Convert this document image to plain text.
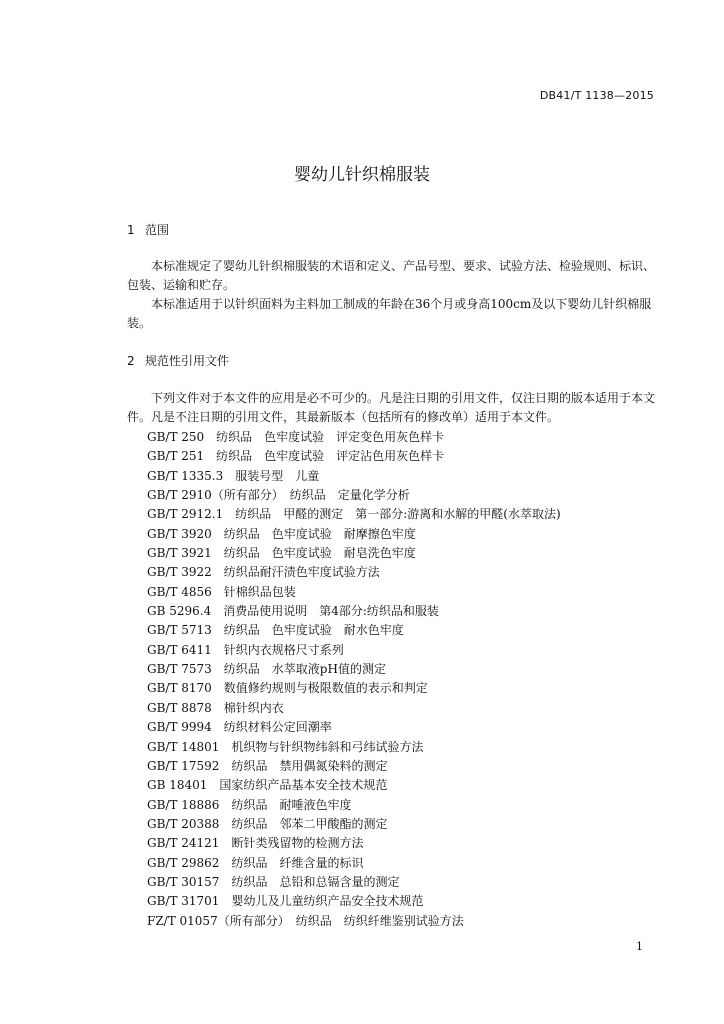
DB41/T 1138—2015
婴幼儿针织棉服装
1 范围

本标准规定了婴幼儿针织棉服装的术语和定义、产品号型、要求、试验方法、检验规则、标识、包装、运输和贮存。

本标准适用于以针织面料为主料加工制成的年龄在36个月或身高100cm及以下婴幼儿针织棉服装。

2 规范性引用文件

下列文件对于本文件的应用是必不可少的。凡是注日期的引用文件，仅注日期的版本适用于本文件。凡是不注日期的引用文件，其最新版本（包括所有的修改单）适用于本文件。

GB/T 250　纺织品　色牢度试验　评定变色用灰色样卡
GB/T 251　纺织品　色牢度试验　评定沾色用灰色样卡
GB/T 1335.3　服装号型　儿童
GB/T 2910（所有部分）　纺织品　定量化学分析
GB/T 2912.1　纺织品　甲醛的测定　第一部分:游离和水解的甲醛(水萃取法)
GB/T 3920　纺织品　色牢度试验　耐摩擦色牢度
GB/T 3921　纺织品　色牢度试验　耐皂洗色牢度
GB/T 3922　纺织品耐汗渍色牢度试验方法
GB/T 4856　针棉织品包装
GB 5296.4　消费品使用说明　第4部分:纺织品和服装
GB/T 5713　纺织品　色牢度试验　耐水色牢度
GB/T 6411　针织内衣规格尺寸系列
GB/T 7573　纺织品　水萃取液pH值的测定
GB/T 8170　数值修约规则与极限数值的表示和判定
GB/T 8878　棉针织内衣
GB/T 9994　纺织材料公定回潮率
GB/T 14801　机织物与针织物纬斜和弓纬试验方法
GB/T 17592　纺织品　禁用偶氮染料的测定
GB 18401　国家纺织产品基本安全技术规范
GB/T 18886　纺织品　耐唾液色牢度
GB/T 20388　纺织品　邻苯二甲酸酯的测定
GB/T 24121　断针类残留物的检测方法
GB/T 29862　纺织品　纤维含量的标识
GB/T 30157　纺织品　总铅和总镉含量的测定
GB/T 31701　婴幼儿及儿童纺织产品安全技术规范
FZ/T 01057（所有部分）　纺织品　纺织纤维鉴别试验方法
1
